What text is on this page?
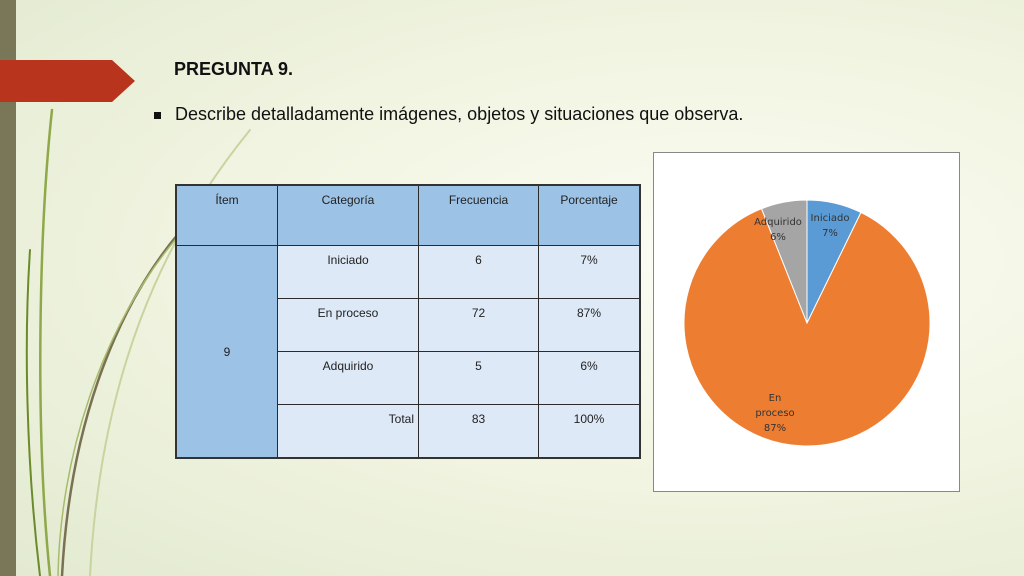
PREGUNTA 9.
Describe detalladamente imágenes, objetos y situaciones que observa.
Ítem	Categoría	Frecuencia	Porcentaje
9	Iniciado	6	7%

	En proceso	72	87%

	Adquirido	5	6%

	Total	83	100%
Iniciado 7%
En proceso 87%
Adquirido 6%
